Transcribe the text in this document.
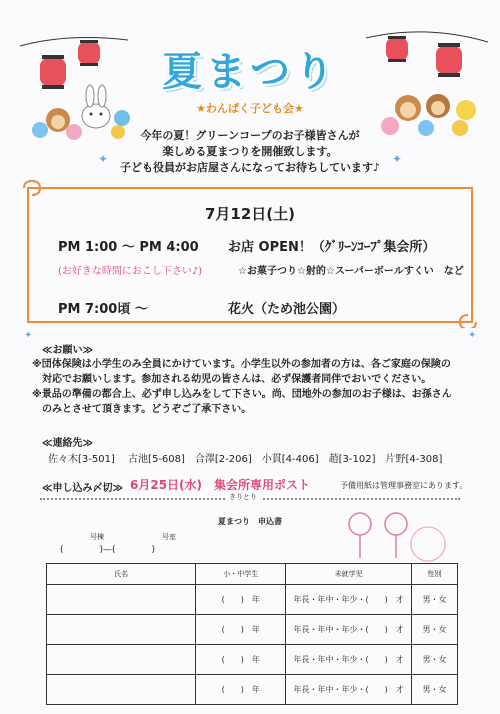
夏まつり
★わんぱく子ども会★
今年の夏！グリーンコープのお子様皆さんが
楽しめる夏まつりを開催致します。
子ども役員がお店屋さんになってお待ちしています♪
✦	✦
✦	✦
7月12日(土)
PM 1:00 〜 PM 4:00 お店 OPEN！（ｸﾞﾘｰﾝｺｰﾌﾟ集会所）
(お好きな時間におこし下さい♪)	☆お菓子つり☆射的☆スーパーボールすくい　など
PM 7:00頃 〜	花火（ため池公園）
≪お願い≫
※団体保険は小学生のみ全員にかけています。小学生以外の参加者の方は、各ご家庭の保険の
　対応でお願いします。参加される幼児の皆さんは、必ず保護者同伴でおいでください。
※景品の準備の都合上、必ず申し込みをして下さい。尚、団地外の参加のお子様は、お孫さん
　のみとさせて頂きます。どうぞご了承下さい。
≪連絡先≫
佐々木[3-501]　 古池[5-608]　合澤[2-206]　小貫[4-406]　趙[3-102]　片野[4-308]
≪申し込み〆切≫ 6月25日(水)　集会所専用ポスト	予備用紙は管理事務室にあります。
きりとり
夏まつり　申込書
号棟	号室
(　　　　)—(　　　　)
氏名	小・中学生	未就学児	性別
	(　　)　年	年長・年中・年少・(　　)　才	男・女
	(　　)　年	年長・年中・年少・(　　)　才	男・女
	(　　)　年	年長・年中・年少・(　　)　才	男・女
	(　　)　年	年長・年中・年少・(　　)　才	男・女
